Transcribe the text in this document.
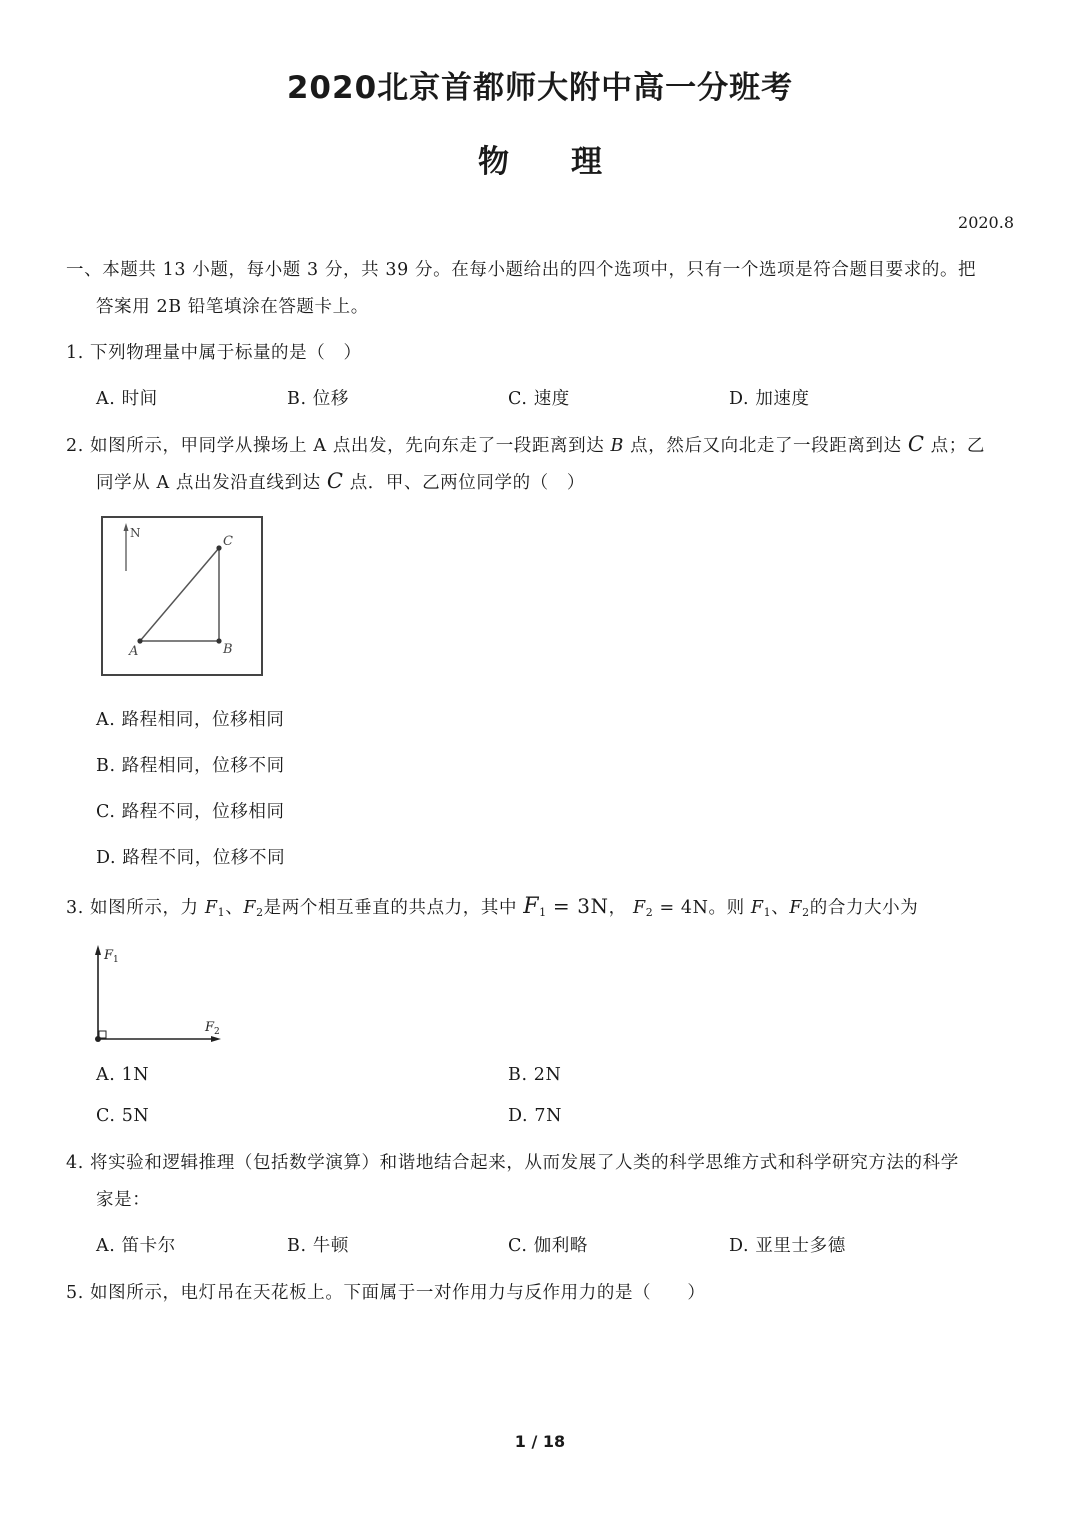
2020北京首都师大附中高一分班考
物 理
2020.8
一、本题共 13 小题，每小题 3 分，共 39 分。在每小题给出的四个选项中，只有一个选项是符合题目要求的。把
答案用 2B 铅笔填涂在答题卡上。
1. 下列物理量中属于标量的是（　）
A. 时间	B. 位移	C. 速度	D. 加速度
2. 如图所示，甲同学从操场上 A 点出发，先向东走了一段距离到达 B 点，然后又向北走了一段距离到达 C 点；乙
同学从 A 点出发沿直线到达 C 点．甲、乙两位同学的（　）
N
A	B
C
A. 路程相同，位移相同
B. 路程相同，位移不同
C. 路程不同，位移相同
D. 路程不同，位移不同
3. 如图所示，力 $F_1$、$F_2$是两个相互垂直的共点力，其中 $F_1 = 3N$， $F_2 = 4N$。则 $F_1$、$F_2$的合力大小为
$F_1$
$F_2$
A. 1N	B. 2N
C. 5N	D. 7N
4. 将实验和逻辑推理（包括数学演算）和谐地结合起来，从而发展了人类的科学思维方式和科学研究方法的科学
家是：
A. 笛卡尔	B. 牛顿	C. 伽利略	D. 亚里士多德
5. 如图所示，电灯吊在天花板上。下面属于一对作用力与反作用力的是（　　）
1 / 18
